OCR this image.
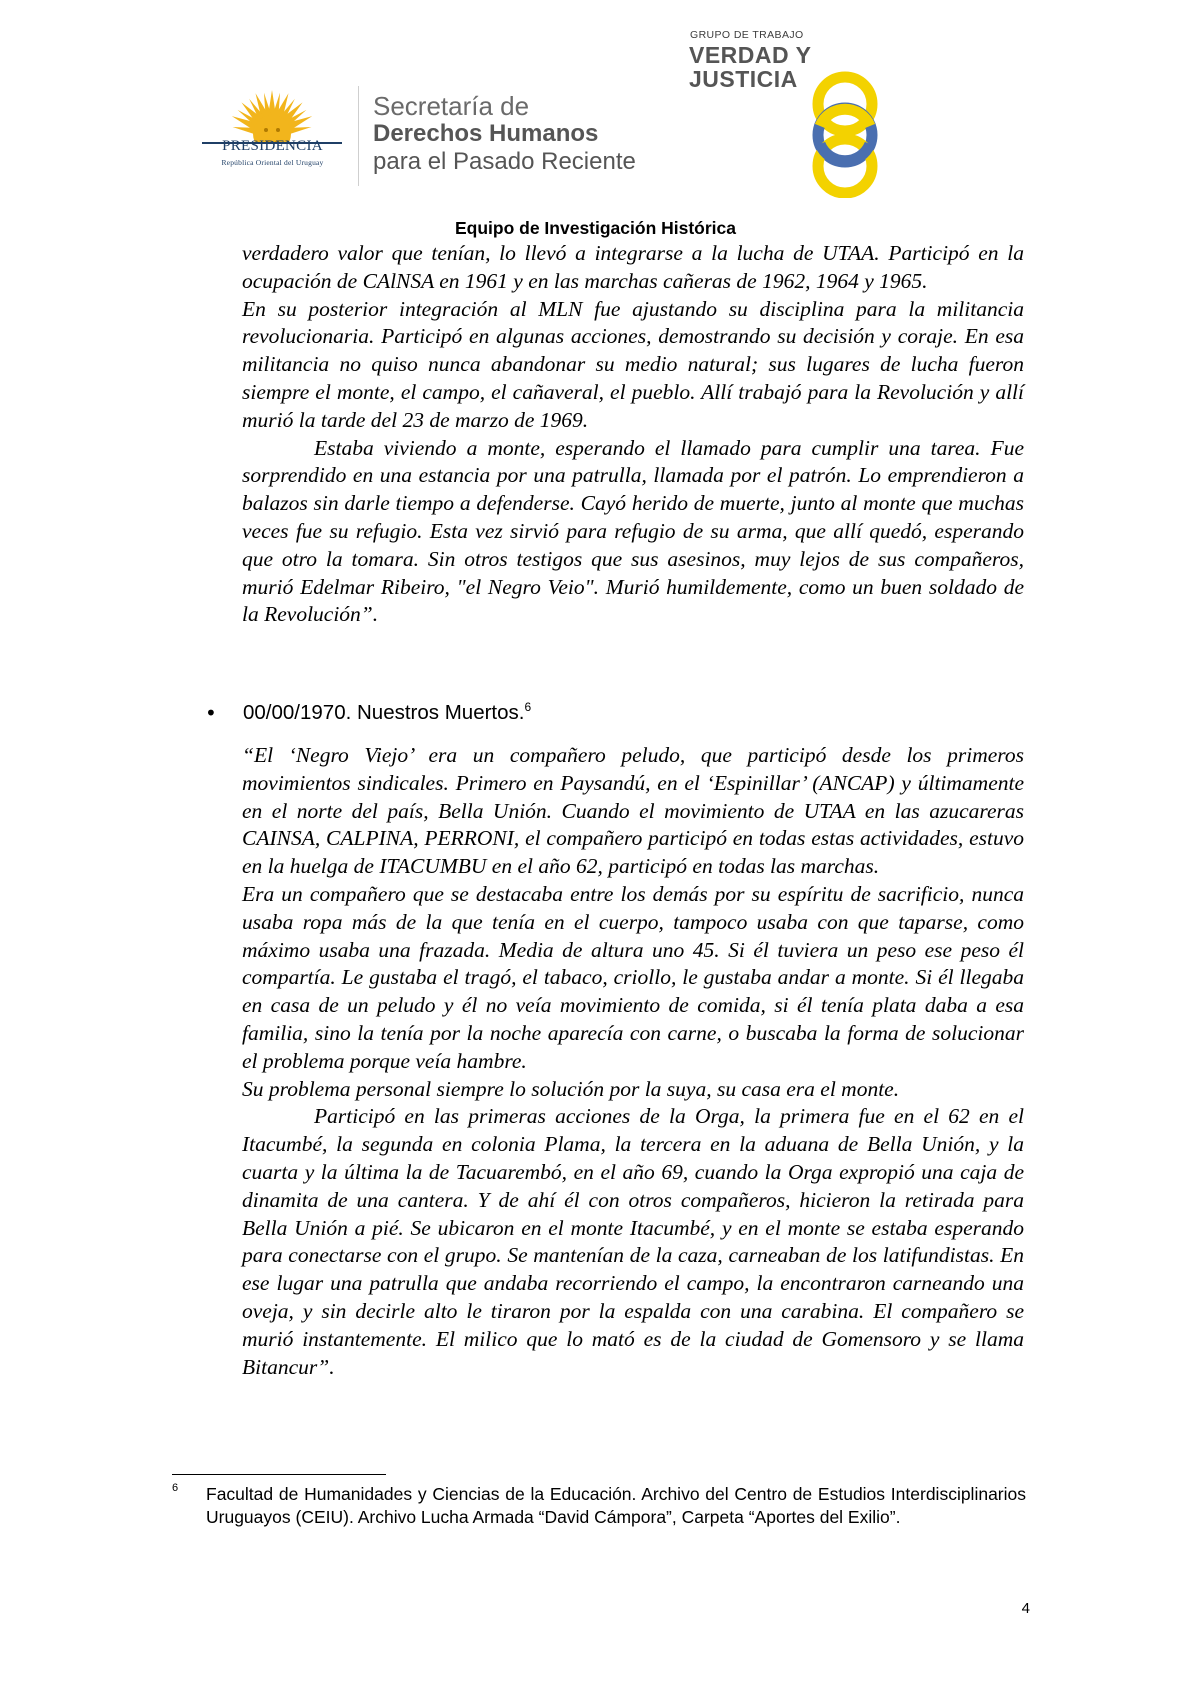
PRESIDENCIA
República Oriental del Uruguay
Secretaría de
Derechos Humanos
para el Pasado Reciente
GRUPO DE TRABAJO
VERDAD Y
JUSTICIA
Equipo de Investigación Histórica

verdadero valor que tenían, lo llevó a integrarse a la lucha de UTAA. Participó en la ocupación de CAlNSA en 1961 y en las marchas cañeras de 1962, 1964 y 1965.

En su posterior integración al MLN fue ajustando su disciplina para la militancia revolucionaria. Participó en algunas acciones, demostrando su decisión y coraje. En esa militancia no quiso nunca abandonar su medio natural; sus lugares de lucha fueron siempre el monte, el campo, el cañaveral, el pueblo. Allí trabajó para la Revolución y allí murió la tarde del 23 de marzo de 1969.

Estaba viviendo a monte, esperando el llamado para cumplir una tarea. Fue sorprendido en una estancia por una patrulla, llamada por el patrón. Lo emprendieron a balazos sin darle tiempo a defenderse. Cayó herido de muerte, junto al monte que muchas veces fue su refugio. Esta vez sirvió para refugio de su arma, que allí quedó, esperando que otro la tomara. Sin otros testigos que sus asesinos, muy lejos de sus compañeros, murió Edelmar Ribeiro, "el Negro Veio". Murió humildemente, como un buen soldado de la Revolución”.

• 00/00/1970. Nuestros Muertos.$^6$

“El ‘Negro Viejo’ era un compañero peludo, que participó desde los primeros movimientos sindicales. Primero en Paysandú, en el ‘Espinillar’ (ANCAP) y últimamente en el norte del país, Bella Unión. Cuando el movimiento de UTAA en las azucareras CAINSA, CALPINA, PERRONI, el compañero participó en todas estas actividades, estuvo en la huelga de ITACUMBU en el año 62, participó en todas las marchas.

Era un compañero que se destacaba entre los demás por su espíritu de sacrificio, nunca usaba ropa más de la que tenía en el cuerpo, tampoco usaba con que taparse, como máximo usaba una frazada. Media de altura uno 45. Si él tuviera un peso ese peso él compartía. Le gustaba el tragó, el tabaco, criollo, le gustaba andar a monte. Si él llegaba en casa de un peludo y él no veía movimiento de comida, si él tenía plata daba a esa familia, sino la tenía por la noche aparecía con carne, o buscaba la forma de solucionar el problema porque veía hambre.

Su problema personal siempre lo solución por la suya, su casa era el monte.

Participó en las primeras acciones de la Orga, la primera fue en el 62 en el Itacumbé, la segunda en colonia Plama, la tercera en la aduana de Bella Unión, y la cuarta y la última la de Tacuarembó, en el año 69, cuando la Orga expropió una caja de dinamita de una cantera. Y de ahí él con otros compañeros, hicieron la retirada para Bella Unión a pié. Se ubicaron en el monte Itacumbé, y en el monte se estaba esperando para conectarse con el grupo. Se mantenían de la caza, carneaban de los latifundistas. En ese lugar una patrulla que andaba recorriendo el campo, la encontraron carneando una oveja, y sin decirle alto le tiraron por la espalda con una carabina. El compañero se murió instantemente. El milico que lo mató es de la ciudad de Gomensoro y se llama Bitancur”.

6 Facultad de Humanidades y Ciencias de la Educación. Archivo del Centro de Estudios Interdisciplinarios Uruguayos (CEIU). Archivo Lucha Armada “David Cámpora”, Carpeta “Aportes del Exilio”.

4
